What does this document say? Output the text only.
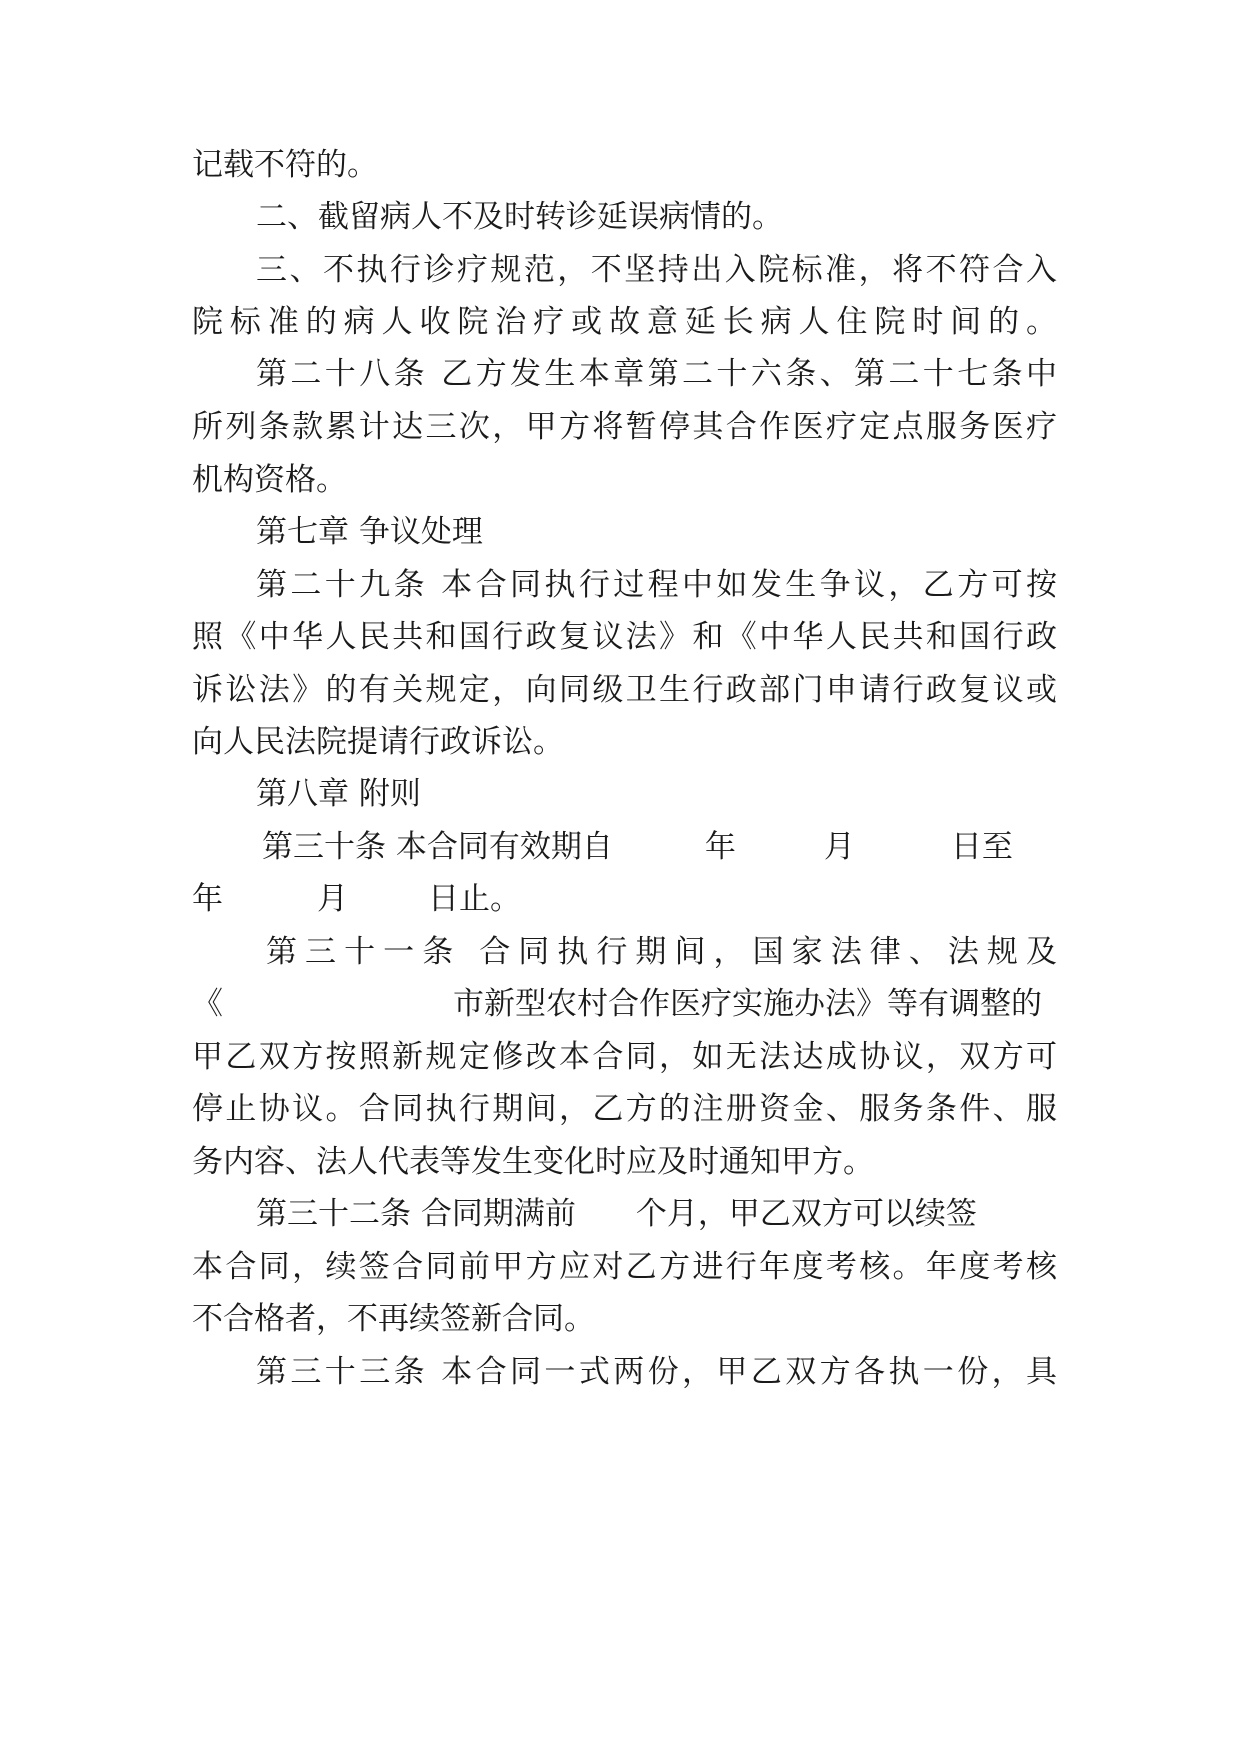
记载不符的。
二、截留病人不及时转诊延误病情的。
三、不执行诊疗规范，不坚持出入院标准，将不符合入
院标准的病人收院治疗或故意延长病人住院时间的。
第二十八条 乙方发生本章第二十六条、第二十七条中
所列条款累计达三次，甲方将暂停其合作医疗定点服务医疗
机构资格。
第七章 争议处理
第二十九条 本合同执行过程中如发生争议，乙方可按
照《中华人民共和国行政复议法》和《中华人民共和国行政
诉讼法》的有关规定，向同级卫生行政部门申请行政复议或
向人民法院提请行政诉讼。
第八章 附则
第三十条 本合同有效期自	年	月	日至
年	月	日止。
第三十一条 合同执行期间，国家法律、法规及
《	市新型农村合作医疗实施办法》等有调整的
甲乙双方按照新规定修改本合同，如无法达成协议，双方可
停止协议。合同执行期间，乙方的注册资金、服务条件、服
务内容、法人代表等发生变化时应及时通知甲方。
第三十二条 合同期满前 个月，甲乙双方可以续签
本合同，续签合同前甲方应对乙方进行年度考核。年度考核
不合格者，不再续签新合同。
第三十三条 本合同一式两份，甲乙双方各执一份，具
